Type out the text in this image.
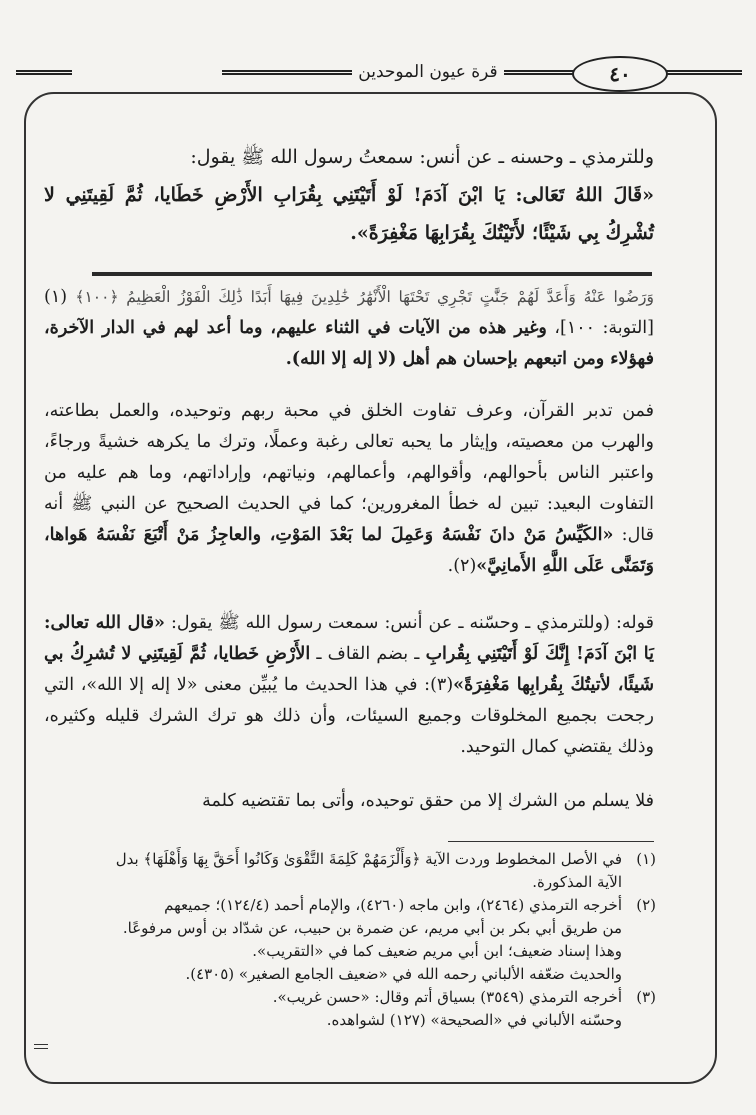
٤٠
قرة عيون الموحدين
وللترمذي ـ وحسنه ـ عن أنس: سمعتُ رسول الله ﷺ يقول:
«قَالَ اللهُ تَعَالى: يَا ابْنَ آدَمَ! لَوْ أَتَيْتَنِي بِقُرَابِ الأَرْضِ خَطَايا، ثُمَّ لَقِيتَنِي لا تُشْرِكُ بِي شَيْئًا؛ لأَتَيْتُكَ بِقُرَابِهَا مَغْفِرَةً».
وَرَضُوا عَنْهُ وَأَعَدَّ لَهُمْ جَنَّٰتٍ تَجْرِي تَحْتَهَا الْأَنْهَٰرُ خَٰلِدِينَ فِيهَا أَبَدًا ذَٰلِكَ الْفَوْزُ الْعَظِيمُ ﴿١٠٠﴾ (١) [التوبة: ١٠٠]، وغير هذه من الآيات في الثناء عليهم، وما أعد لهم في الدار الآخرة، فهؤلاء ومن اتبعهم بإحسان هم أهل (لا إله إلا الله).
فمن تدبر القرآن، وعرف تفاوت الخلق في محبة ربهم وتوحيده، والعمل بطاعته، والهرب من معصيته، وإيثار ما يحبه تعالى رغبة وعملًا، وترك ما يكرهه خشيةً ورجاءً، واعتبر الناس بأحوالهم، وأقوالهم، وأعمالهم، ونياتهم، وإراداتهم، وما هم عليه من التفاوت البعيد: تبين له خطأ المغرورين؛ كما في الحديث الصحيح عن النبي ﷺ أنه قال: «الكَيِّسُ مَنْ دانَ نَفْسَهُ وَعَمِلَ لما بَعْدَ المَوْتِ، والعاجِزُ مَنْ أَتْبَعَ نَفْسَهُ هَواها، وَتَمَنَّى عَلَى اللَّهِ الأَمانِيَّ»(٢).
قوله: (وللترمذي ـ وحسّنه ـ عن أنس: سمعت رسول الله ﷺ يقول: «قال الله تعالى: يَا ابْنَ آدَمَ! إِنَّكَ لَوْ أَتَيْتَنِي بِقُرابِ ـ بضم القاف ـ الأَرْضِ خَطايا، ثُمَّ لَقِيتَنِي لا تُشرِكُ بي شَيئًا، لأتيتُكَ بِقُرابِها مَغْفِرَةً»(٣): في هذا الحديث ما يُبيِّن معنى «لا إله إلا الله»، التي رجحت بجميع المخلوقات وجميع السيئات، وأن ذلك هو ترك الشرك قليله وكثيره، وذلك يقتضي كمال التوحيد.
فلا يسلم من الشرك إلا من حقق توحيده، وأتى بما تقتضيه كلمة
(١)
في الأصل المخطوط وردت الآية ﴿وَأَلْزَمَهُمْ كَلِمَةَ التَّقْوَىٰ وَكَانُوا أَحَقَّ بِهَا وَأَهْلَهَا﴾ بدل
الآية المذكورة.
(٢)
أخرجه الترمذي (٢٤٦٤)، وابن ماجه (٤٢٦٠)، والإمام أحمد (١٢٤/٤)؛ جميعهم
من طريق أبي بكر بن أبي مريم، عن ضمرة بن حبيب، عن شدّاد بن أوس مرفوعًا.
وهذا إسناد ضعيف؛ ابن أبي مريم ضعيف كما في «التقريب».
والحديث ضعّفه الألباني رحمه الله في «ضعيف الجامع الصغير» (٤٣٠٥).
(٣)
أخرجه الترمذي (٣٥٤٩) بسياق أتم وقال: «حسن غريب».
وحسّنه الألباني في «الصحيحة» (١٢٧) لشواهده.
